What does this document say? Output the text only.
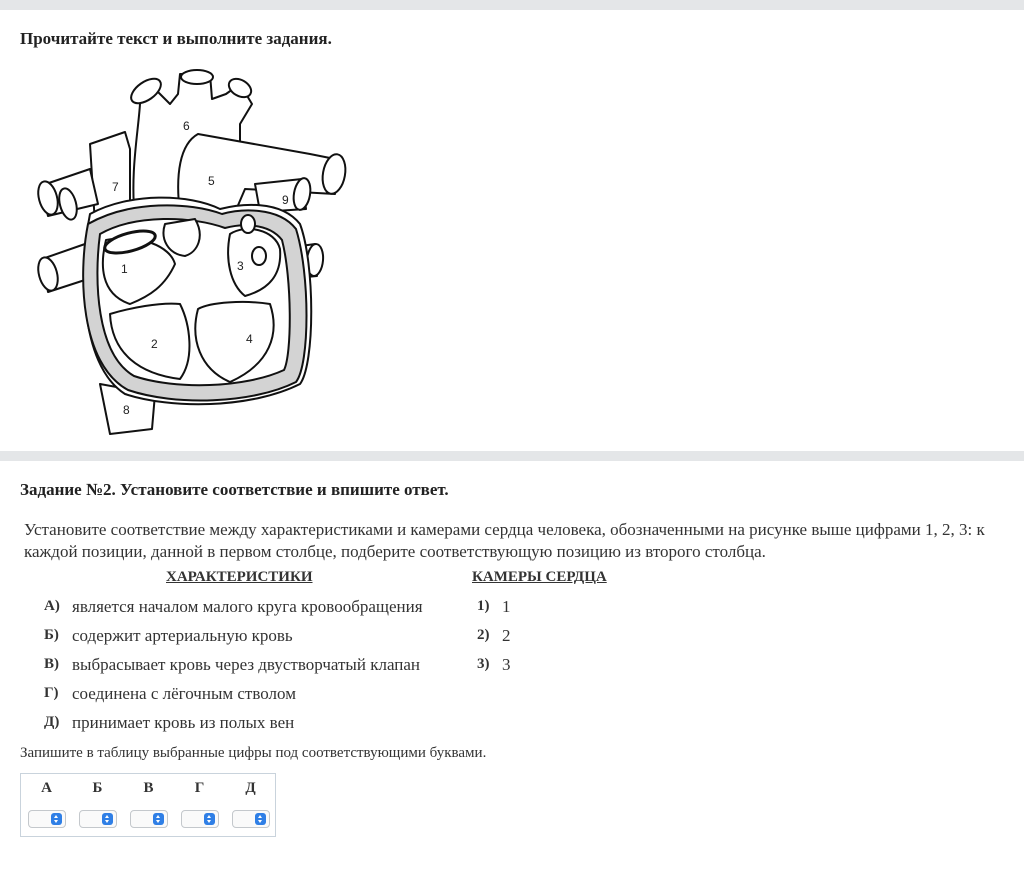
Прочитайте текст и выполните задания.
6
7	5
9
1	3
2	4
8
Задание №2. Установите соответствие и впишите ответ.
Установите соответствие между характеристиками и камерами сердца человека, обозначенными на рисунке выше цифрами 1, 2, 3: к каждой позиции, данной в первом столбце, подберите соответствующую позицию из второго столбца.
ХАРАКТЕРИСТИКИ	КАМЕРЫ СЕРДЦА
А) является началом малого круга кровообращения
Б) содержит артериальную кровь
В) выбрасывает кровь через двустворчатый клапан
Г) соединена с лёгочным стволом
Д) принимает кровь из полых вен
1) 1
2) 2
3) 3
Запишите в таблицу выбранные цифры под соответствующими буквами.
А	Б	В	Г	Д
